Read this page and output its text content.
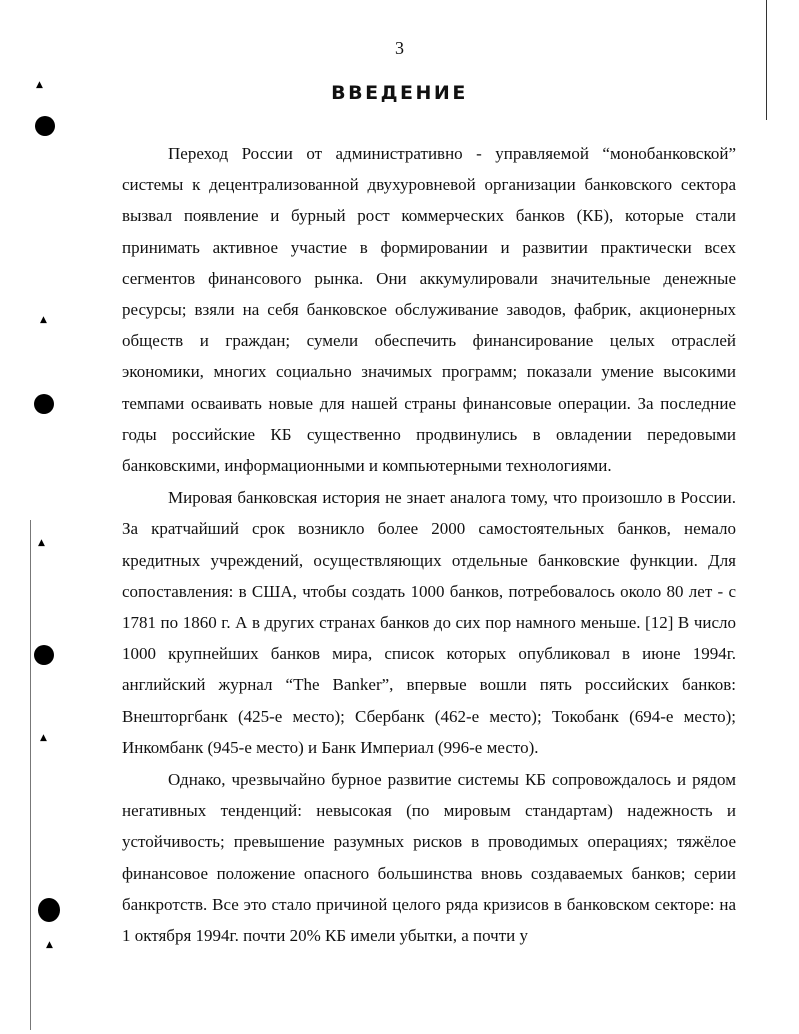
▲
▲
▲
▲
▲
3
ВВЕДЕНИЕ

Переход России от административно - управляемой “монобанковской” системы к децентрализованной двухуровневой организации банковского сектора вызвал появление и бурный рост коммерческих банков (КБ), которые стали принимать активное участие в формировании и развитии практически всех сегментов финансового рынка. Они аккумулировали значительные денежные ресурсы; взяли на себя банковское обслуживание заводов, фабрик, акционерных обществ и граждан; сумели обеспечить финансирование целых отраслей экономики, многих социально значимых программ; показали умение высокими темпами осваивать новые для нашей страны финансовые операции. За последние годы российские КБ существенно продвинулись в овладении передовыми банковскими, информационными и компьютерными технологиями.

Мировая банковская история не знает аналога тому, что произошло в России. За кратчайший срок возникло более 2000 самостоятельных банков, немало кредитных учреждений, осуществляющих отдельные банковские функции. Для сопоставления: в США, чтобы создать 1000 банков, потребовалось около 80 лет - с 1781 по 1860 г. А в других странах банков до сих пор намного меньше. [12] В число 1000 крупнейших банков мира, список которых опубликовал в июне 1994г. английский журнал “The Banker”, впервые вошли пять российских банков: Внешторгбанк (425-е место); Сбербанк (462-е место); Токобанк (694-е место); Инкомбанк (945-е место) и Банк Империал (996-е место).

Однако, чрезвычайно бурное развитие системы КБ сопровождалось и рядом негативных тенденций: невысокая (по мировым стандартам) надежность и устойчивость; превышение разумных рисков в проводимых операциях; тяжёлое финансовое положение опасного большинства вновь создаваемых банков; серии банкротств. Все это стало причиной целого ряда кризисов в банковском секторе: на 1 октября 1994г. почти 20% КБ имели убытки, а почти у
